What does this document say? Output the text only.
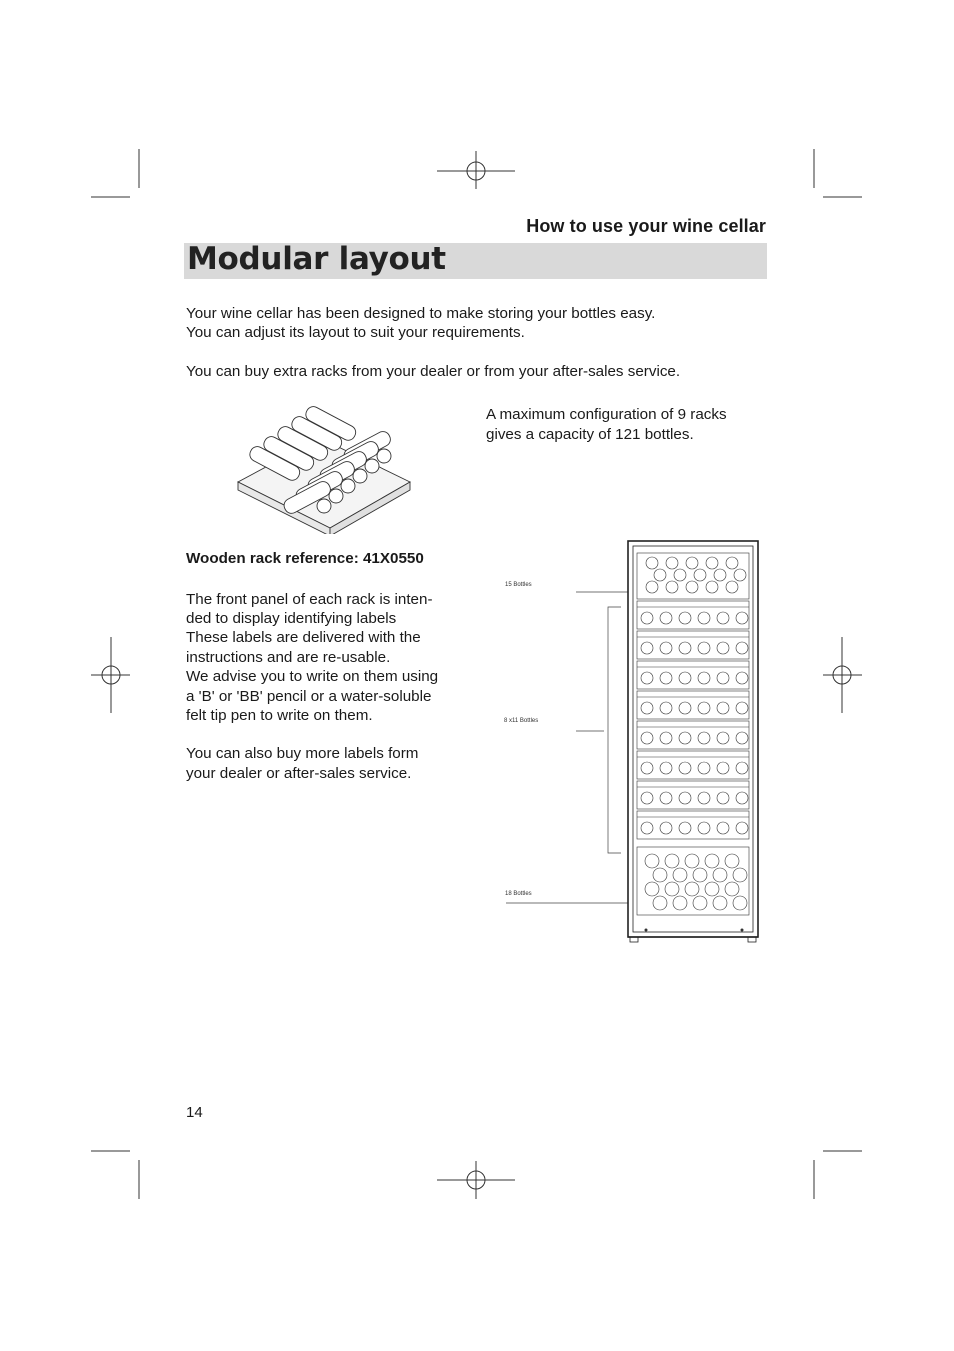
How to use your wine cellar
Modular layout
Your wine cellar has been designed to make storing your bottles easy.
You can adjust its layout to suit your requirements.
You can buy extra racks from your dealer or from your after-sales service.
A maximum configuration of 9 racks
gives a capacity of 121 bottles.
Wooden rack reference: 41X0550
The front panel of each rack is inten-
ded to display identifying labels
These labels are delivered with the
instructions and are re-usable.
We advise you to write on them using
a 'B' or 'BB' pencil or a water-soluble
felt tip pen to write on them.
You can also buy more labels form
your dealer or after-sales service.
15 Bottles
8 x11 Bottles
18 Bottles
14
